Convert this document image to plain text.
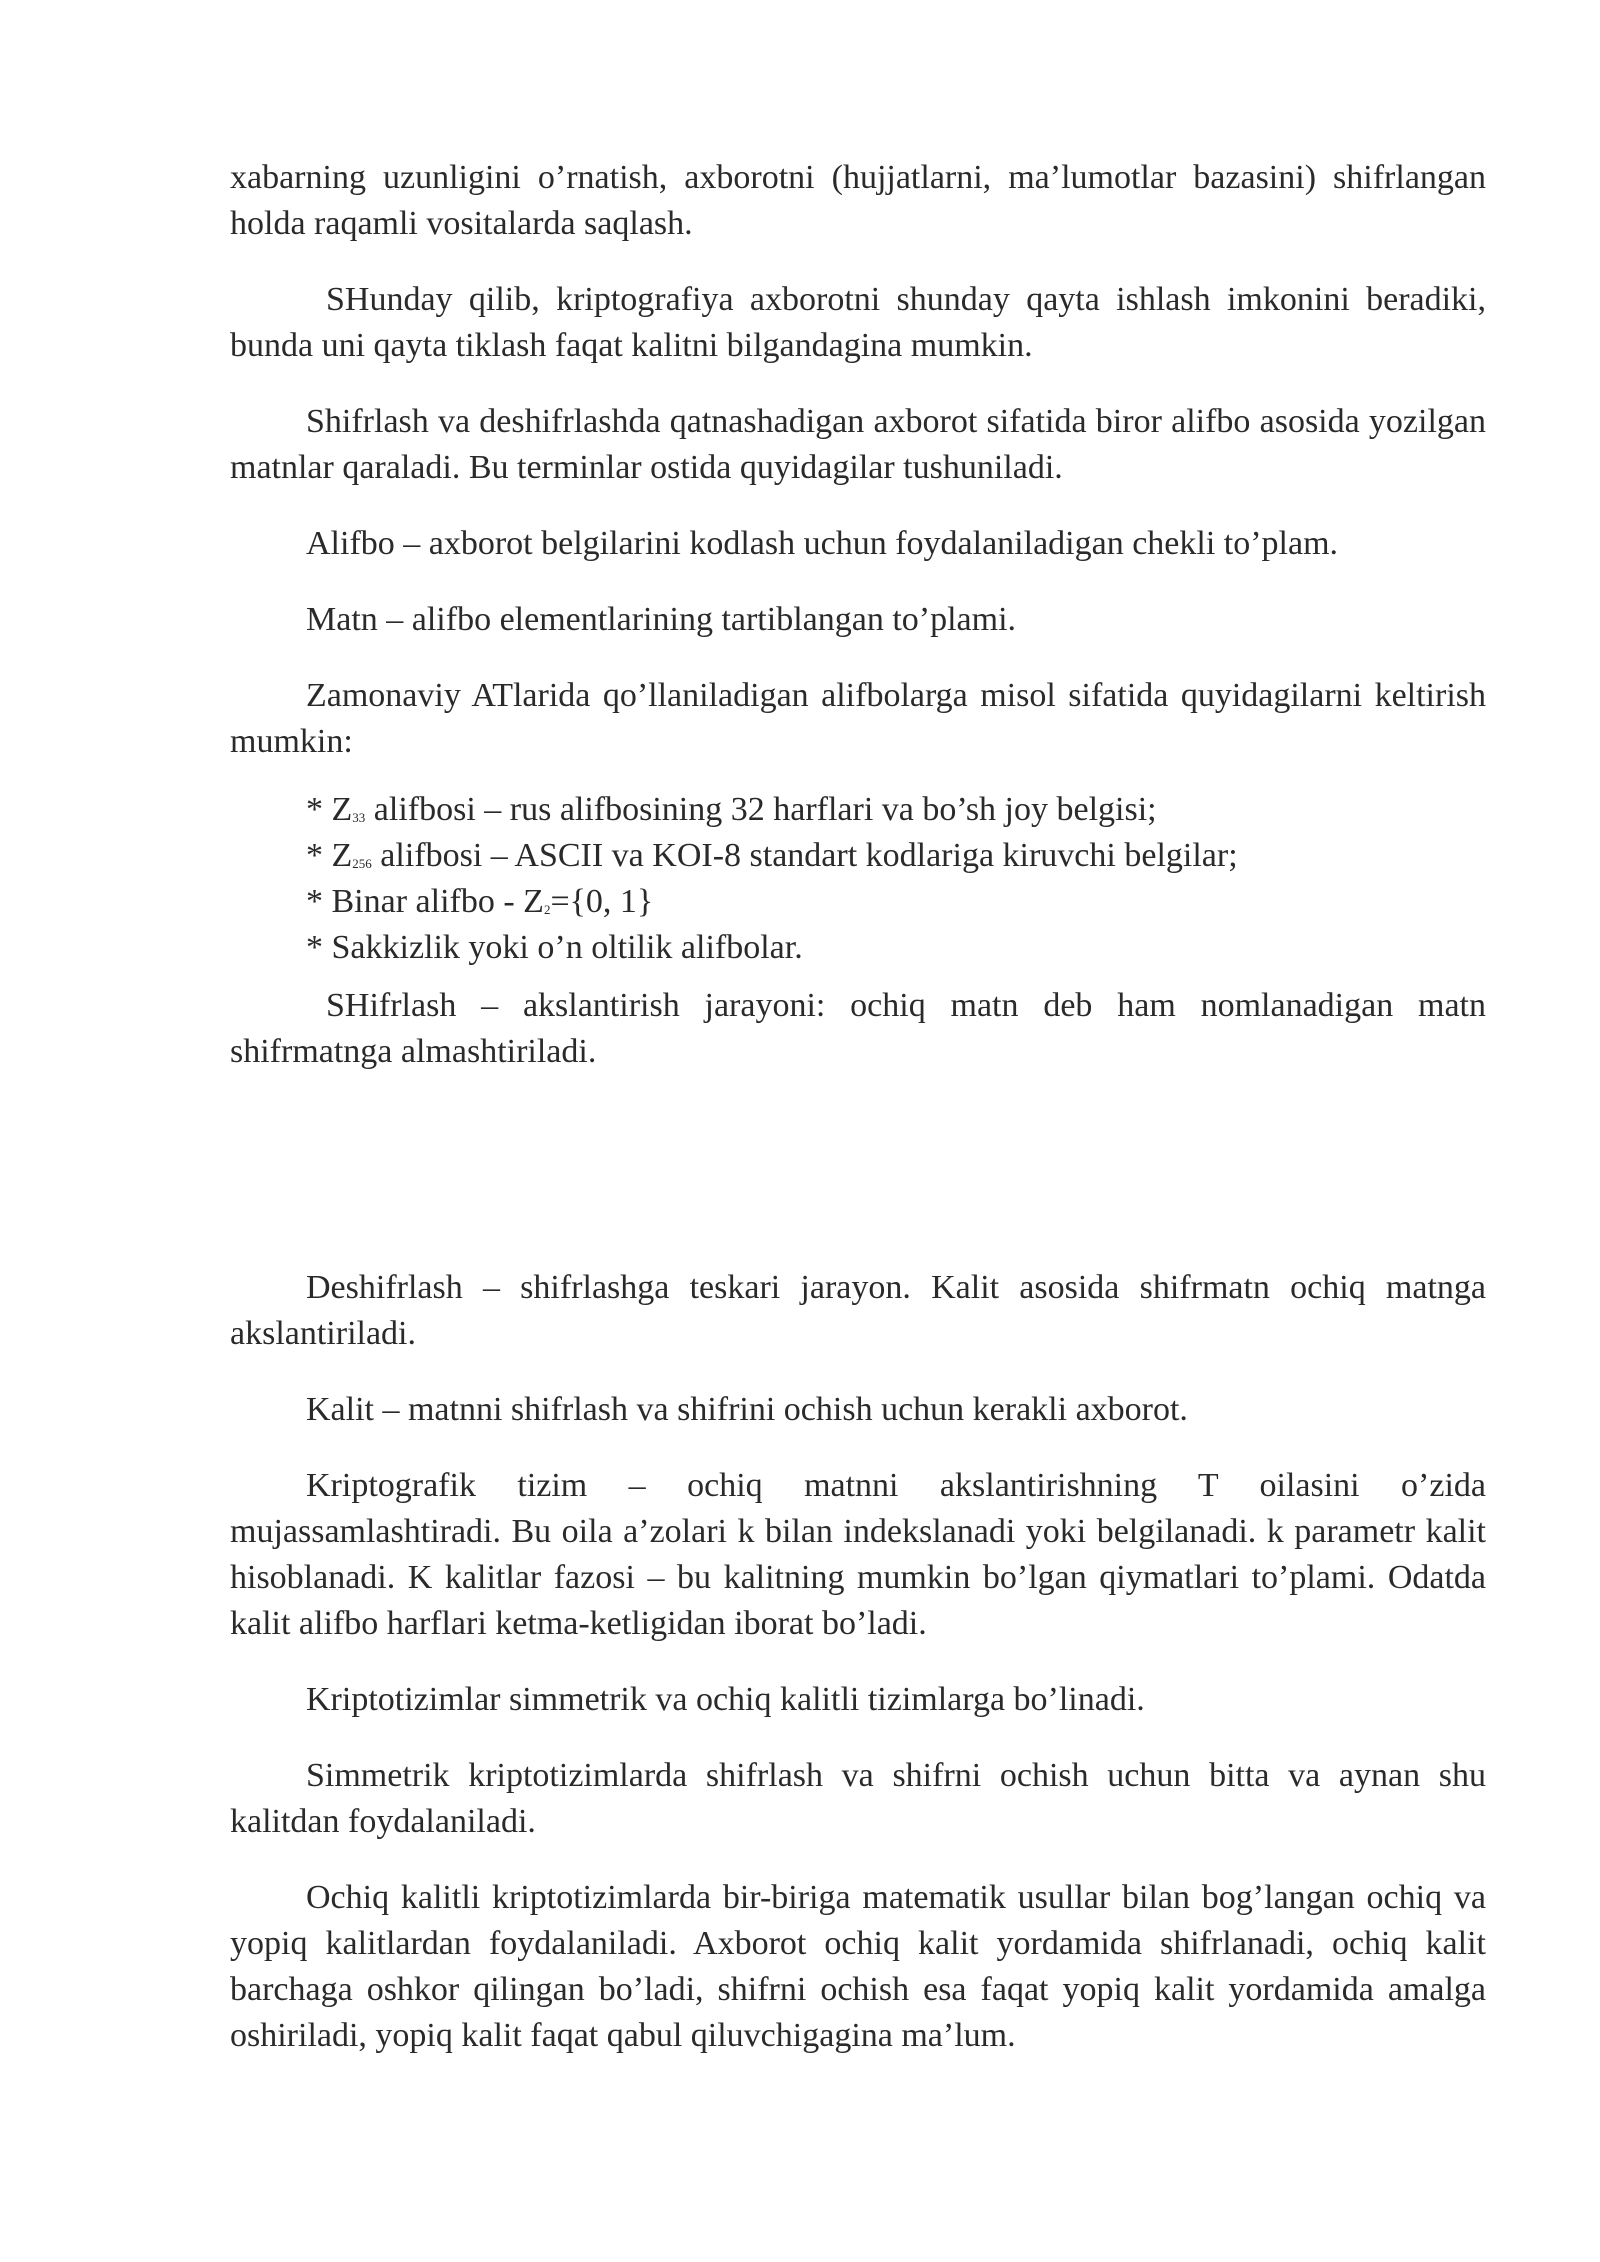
xabarning uzunligini o’rnatish, axborotni (hujjatlarni, ma’lumotlar bazasini) shifrlangan holda raqamli vositalarda saqlash.

SHunday qilib, kriptografiya axborotni shunday qayta ishlash imkonini beradiki, bunda uni qayta tiklash faqat kalitni bilgandagina mumkin.

Shifrlash va deshifrlashda qatnashadigan axborot sifatida biror alifbo asosida yozilgan matnlar qaraladi. Bu terminlar ostida quyidagilar tushuniladi.

Alifbo – axborot belgilarini kodlash uchun foydalaniladigan chekli to’plam.

Matn – alifbo elementlarining tartiblangan to’plami.

Zamonaviy ATlarida qo’llaniladigan alifbolarga misol sifatida quyidagilarni keltirish mumkin:

* $Z_{33}$ alifbosi – rus alifbosining 32 harflari va bo’sh joy belgisi;

* $Z_{256}$ alifbosi – ASCII va KOI-8 standart kodlariga kiruvchi belgilar;

* Binar alifbo - $Z_2=\{0$, 1}

* Sakkizlik yoki o’n oltilik alifbolar.

SHifrlash – akslantirish jarayoni: ochiq matn deb ham nomlanadigan matn shifrmatnga almashtiriladi.

Deshifrlash – shifrlashga teskari jarayon. Kalit asosida shifrmatn ochiq matnga akslantiriladi.

Kalit – matnni shifrlash va shifrini ochish uchun kerakli axborot.

Kriptografik tizim – ochiq matnni akslantirishning T oilasini o’zida mujassamlashtiradi. Bu oila a’zolari k bilan indekslanadi yoki belgilanadi. k parametr kalit hisoblanadi. K kalitlar fazosi – bu kalitning mumkin bo’lgan qiymatlari to’plami. Odatda kalit alifbo harflari ketma-ketligidan iborat bo’ladi.

Kriptotizimlar simmetrik va ochiq kalitli tizimlarga bo’linadi.

Simmetrik kriptotizimlarda shifrlash va shifrni ochish uchun bitta va aynan shu kalitdan foydalaniladi.

Ochiq kalitli kriptotizimlarda bir-biriga matematik usullar bilan bog’langan ochiq va yopiq kalitlardan foydalaniladi. Axborot ochiq kalit yordamida shifrlanadi, ochiq kalit barchaga oshkor qilingan bo’ladi, shifrni ochish esa faqat yopiq kalit yordamida amalga oshiriladi, yopiq kalit faqat qabul qiluvchigagina ma’lum.
